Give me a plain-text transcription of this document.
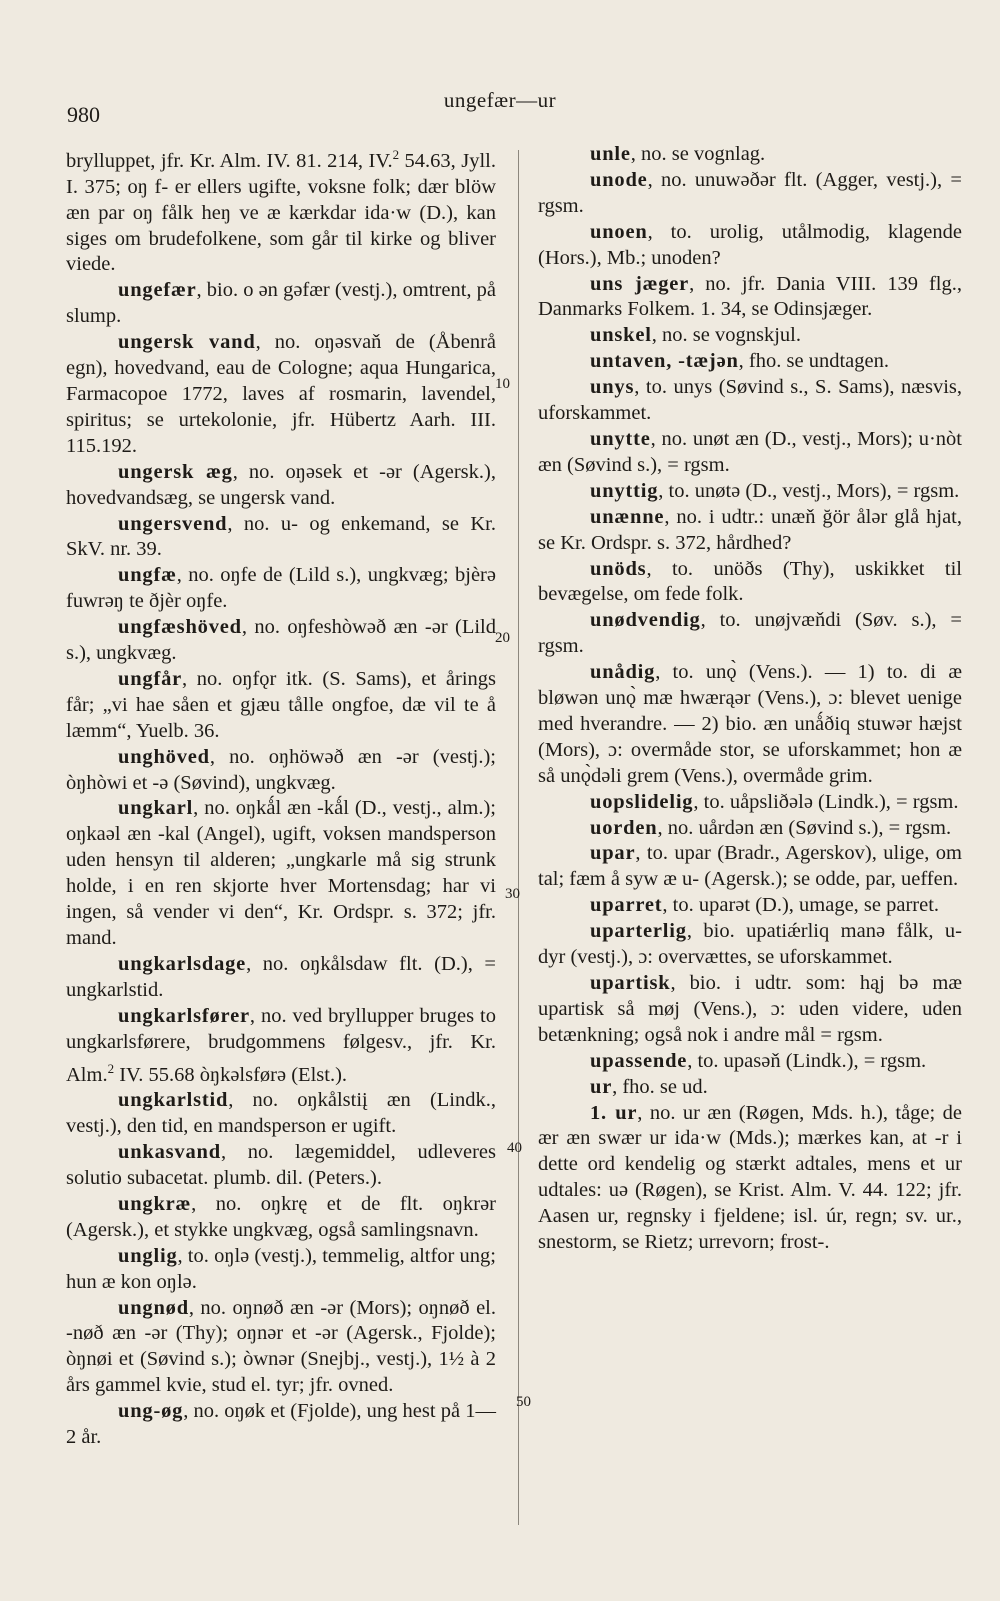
980
ungefær—ur

brylluppet, jfr. Kr. Alm. IV. 81. 214, IV.$^2$ 54.63, Jyll. I. 375; oŋ f- er ellers ugifte, voksne folk; dær blöw æn par oŋ fålk heŋ ve æ kærkdar ida·w (D.), kan siges om brudefolkene, som går til kirke og bliver viede.

ungefær, bio. o ən gəfær (vestj.), omtrent, på slump.

ungersk vand, no. oŋəsvaň de (Åbenrå egn), hovedvand, eau de Cologne; aqua Hungarica, Farmacopoe 1772, laves af rosmarin, lavendel, spiritus; se urtekolonie, jfr. Hübertz Aarh. III. 115.192.

ungersk æg, no. oŋəsek et -ər (Agersk.), hovedvandsæg, se ungersk vand.

ungersvend, no. u- og enkemand, se Kr. SkV. nr. 39.

ungfæ, no. oŋfe de (Lild s.), ungkvæg; bjèrə fuwrəŋ te ðjèr oŋfe.

ungfæshöved, no. oŋfeshòwəð æn -ər (Lild s.), ungkvæg.

ungfår, no. oŋfǫr itk. (S. Sams), et årings får; „vi hae såen et gjæu tålle ongfoe, dæ vil te å læmm“, Yuelb. 36.

unghöved, no. oŋhöwəð æn -ər (vestj.); òŋhòwi et -ə (Søvind), ungkvæg.

ungkarl, no. oŋkǻl æn -kǻl (D., vestj., alm.); oŋkaəl æn -kal (Angel), ugift, voksen mandsperson uden hensyn til alderen; „ungkarle må sig strunk holde, i en ren skjorte hver Mortensdag; har vi ingen, så vender vi den“, Kr. Ordspr. s. 372; jfr. mand.

ungkarlsdage, no. oŋkålsdaw flt. (D.), = ungkarlstid.

ungkarlsfører, no. ved bryllupper bruges to ungkarlsførere, brudgommens følgesv., jfr. Kr. Alm.$^2$ IV. 55.68 òŋkəlsførə (Elst.).

ungkarlstid, no. oŋkålstiį æn (Lindk., vestj.), den tid, en mandsperson er ugift.

unkasvand, no. lægemiddel, udleveres solutio subacetat. plumb. dil. (Peters.).

ungkræ, no. oŋkrę et de flt. oŋkrər (Agersk.), et stykke ungkvæg, også samlingsnavn.

unglig, to. oŋlə (vestj.), temmelig, altfor ung; hun æ kon oŋlə.

ungnød, no. oŋnøð æn -ər (Mors); oŋnøð el. -nøð æn -ər (Thy); oŋnər et -ər (Agersk., Fjolde); òŋnøi et (Søvind s.); òwnər (Snejbj., vestj.), 1½ à 2 års gammel kvie, stud el. tyr; jfr. ovned.

ung-øg, no. oŋøk et (Fjolde), ung hest på 1—2 år.

unle, no. se vognlag.

unode, no. unuwəðər flt. (Agger, vestj.), = rgsm.

unoen, to. urolig, utålmodig, klagende (Hors.), Mb.; unoden?

uns jæger, no. jfr. Dania VIII. 139 flg., Danmarks Folkem. 1. 34, se Odinsjæger.

unskel, no. se vognskjul.

untaven, -tæjən, fho. se undtagen.

unys, to. unys (Søvind s., S. Sams), næsvis, uforskammet.

unytte, no. unøt æn (D., vestj., Mors); u·nòt æn (Søvind s.), = rgsm.

unyttig, to. unøtə (D., vestj., Mors), = rgsm.

unænne, no. i udtr.: unæň ğör ålər glå hjat, se Kr. Ordspr. s. 372, hårdhed?

unöds, to. unöðs (Thy), uskikket til bevægelse, om fede folk.

unødvendig, to. unøjvæňdi (Søv. s.), = rgsm.

unådig, to. unǫ̀ (Vens.). — 1) to. di æ bløwən unǫ̀ mæ hwærąər (Vens.), ɔ: blevet uenige med hverandre. — 2) bio. æn unǻðiq stuwər hæjst (Mors), ɔ: overmåde stor, se uforskammet; hon æ så unǫ̀dəli grem (Vens.), overmåde grim.

uopslidelig, to. uåpsliðələ (Lindk.), = rgsm.

uorden, no. uårdən æn (Søvind s.), = rgsm.

upar, to. upar (Bradr., Agerskov), ulige, om tal; fæm å syw æ u- (Agersk.); se odde, par, ueffen.

uparret, to. uparət (D.), umage, se parret.

uparterlig, bio. upatiǽrliq manə fålk, u- dyr (vestj.), ɔ: overvættes, se uforskammet.

upartisk, bio. i udtr. som: hąj bə mæ upartisk så møj (Vens.), ɔ: uden videre, uden betænkning; også nok i andre mål = rgsm.

upassende, to. upasəň (Lindk.), = rgsm.

ur, fho. se ud.

1. ur, no. ur æn (Røgen, Mds. h.), tåge; de ær æn swær ur ida·w (Mds.); mærkes kan, at -r i dette ord kendelig og stærkt adtales, mens et ur udtales: uə (Røgen), se Krist. Alm. V. 44. 122; jfr. Aasen ur, regnsky i fjeldene; isl. úr, regn; sv. ur., snestorm, se Rietz; urrevorn; frost-.

10
20
30
40
50
